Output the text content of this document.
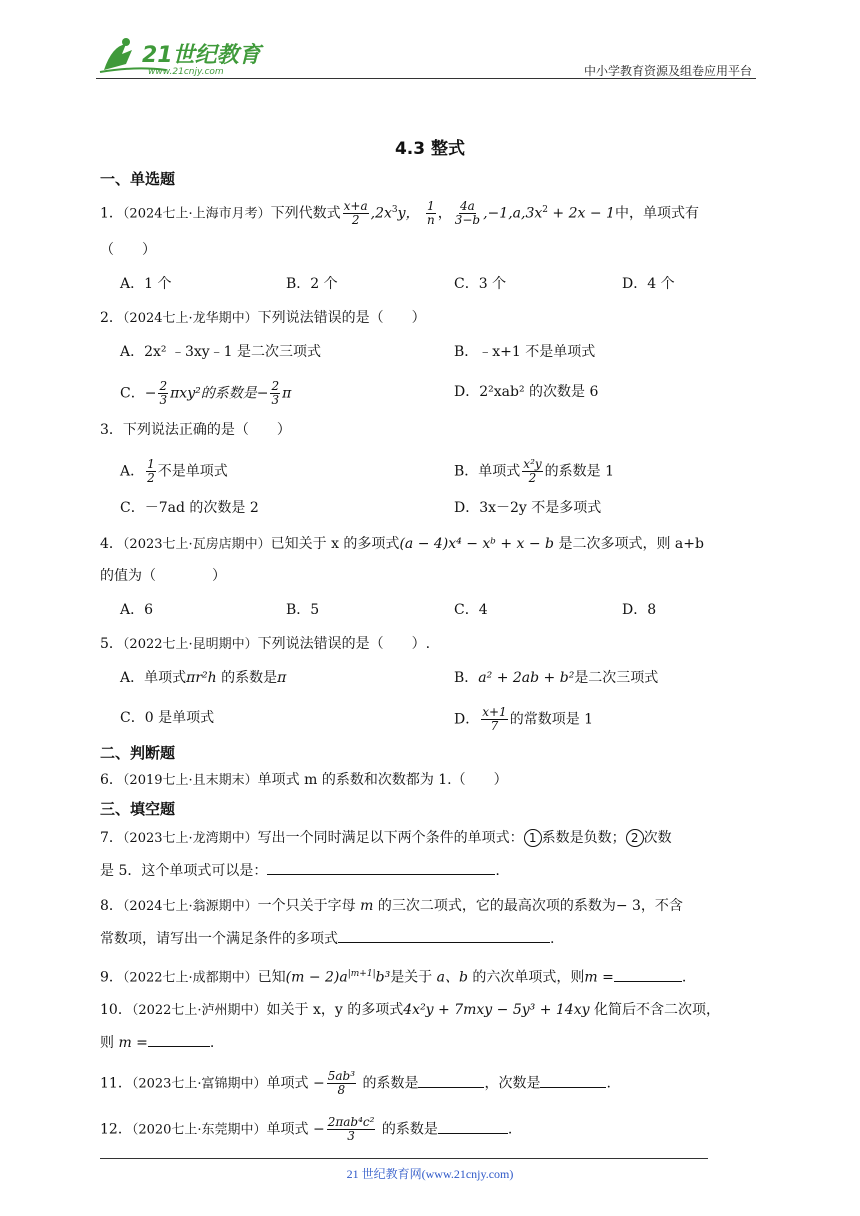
21世纪教育
www.21cnjy.com	中小学教育资源及组卷应用平台
4.3 整式
一、单选题
1．（2024七上·上海市月考）下列代数式 $\frac{x+a}{2} ,2x^3y$， $\frac{1}{n}$ ， $\frac{4a}{3-b} ,-1,a,3x^2 + 2x - 1$中，单项式有
（　　）
A．1 个	B．2 个	C．3 个	D．4 个
2．（2024七上·龙华期中）下列说法错误的是（　　）
A．2x² ﹣3xy﹣1 是二次三项式	B．﹣x+1 不是单项式
C．− $\frac{2}{3} \pi xy^2$的系数是− $\frac{2}{3}$ π	D．2²xab² 的次数是 6
3．下列说法正确的是（　　）
A． $\frac{1}{2}$ 不是单项式	B．单项式 $\frac{\text{x²y}}{2}$ 的系数是 1
C．－7ad 的次数是 2	D．3x－2y 不是多项式
4．（2023七上·瓦房店期中）已知关于 x 的多项式(a − 4)x⁴ − xᵇ + x − b 是二次多项式，则 a+b
的值为（　　　　）
A．6	B．5	C．4	D．8
5．（2022七上·昆明期中）下列说法错误的是（　　）.
A．单项式πr²h 的系数是π	B．a² + 2ab + b²是二次三项式
C．0 是单项式	D． $\frac{x+1}{7}$ 的常数项是 1
二、判断题
6．（2019七上·且末期末）单项式 m 的系数和次数都为 1.（　　）
三、填空题
7．（2023七上·龙湾期中）写出一个同时满足以下两个条件的单项式： 1 系数是负数； 2 次数
是 5．这个单项式可以是：	.
8．（2024七上·翁源期中）一个只关于字母 m 的三次二项式，它的最高次项的系数为− 3，不含
常数项，请写出一个满足条件的多项式	.
9．（2022七上·成都期中）已知$(m - 2)a^{|m+1|}b^3$是关于 a、b 的六次单项式，则m =	.
10．（2022七上·泸州期中）如关于 x，y 的多项式4x²y + 7mxy − 5y³ + 14xy 化简后不含二次项，
则 m =	.
11．（2023七上·富锦期中）单项式 − $\frac{\text{5ab³}}{8}$ 的系数是	，次数是	.
12．（2020七上·东莞期中）单项式 − $\frac{\text{2πab⁴c²}}{3}$ 的系数是	.
21 世纪教育网(www.21cnjy.com)
